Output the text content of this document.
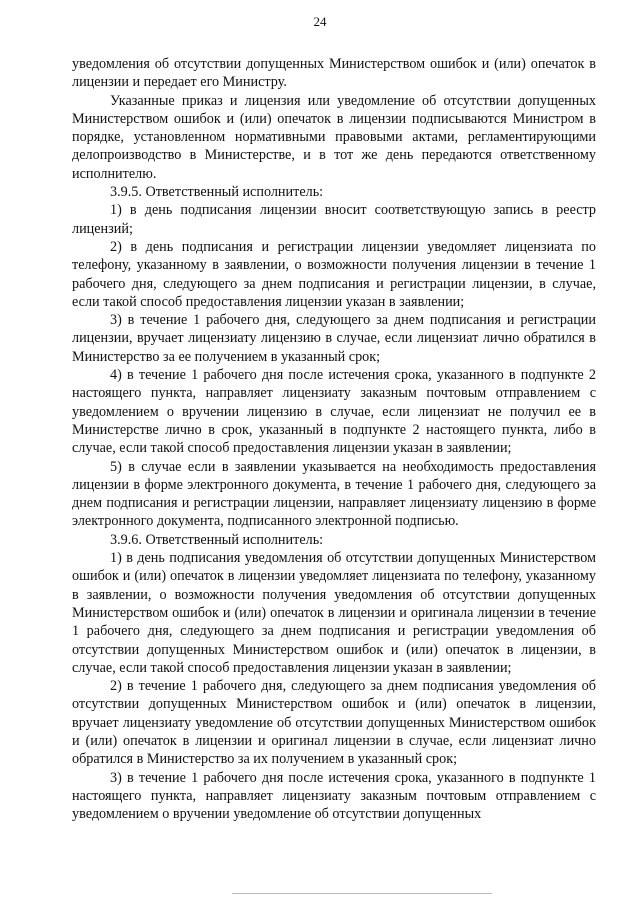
24

уведомления об отсутствии допущенных Министерством ошибок и (или) опечаток в лицензии и передает его Министру.

Указанные приказ и лицензия или уведомление об отсутствии допущенных Министерством ошибок и (или) опечаток в лицензии подписываются Министром в порядке, установленном нормативными правовыми актами, регламентирующими делопроизводство в Министерстве, и в тот же день передаются ответственному исполнителю.

3.9.5. Ответственный исполнитель:

1) в день подписания лицензии вносит соответствующую запись в реестр лицензий;

2) в день подписания и регистрации лицензии уведомляет лицензиата по телефону, указанному в заявлении, о возможности получения лицензии в течение 1 рабочего дня, следующего за днем подписания и регистрации лицензии, в случае, если такой способ предоставления лицензии указан в заявлении;

3) в течение 1 рабочего дня, следующего за днем подписания и регистрации лицензии, вручает лицензиату лицензию в случае, если лицензиат лично обратился в Министерство за ее получением в указанный срок;

4) в течение 1 рабочего дня после истечения срока, указанного в подпункте 2 настоящего пункта, направляет лицензиату заказным почтовым отправлением с уведомлением о вручении лицензию в случае, если лицензиат не получил ее в Министерстве лично в срок, указанный в подпункте 2 настоящего пункта, либо в случае, если такой способ предоставления лицензии указан в заявлении;

5) в случае если в заявлении указывается на необходимость предоставления лицензии в форме электронного документа, в течение 1 рабочего дня, следующего за днем подписания и регистрации лицензии, направляет лицензиату лицензию в форме электронного документа, подписанного электронной подписью.

3.9.6. Ответственный исполнитель:

1) в день подписания уведомления об отсутствии допущенных Министерством ошибок и (или) опечаток в лицензии уведомляет лицензиата по телефону, указанному в заявлении, о возможности получения уведомления об отсутствии допущенных Министерством ошибок и (или) опечаток в лицензии и оригинала лицензии в течение 1 рабочего дня, следующего за днем подписания и регистрации уведомления об отсутствии допущенных Министерством ошибок и (или) опечаток в лицензии, в случае, если такой способ предоставления лицензии указан в заявлении;

2) в течение 1 рабочего дня, следующего за днем подписания уведомления об отсутствии допущенных Министерством ошибок и (или) опечаток в лицензии, вручает лицензиату уведомление об отсутствии допущенных Министерством ошибок и (или) опечаток в лицензии и оригинал лицензии в случае, если лицензиат лично обратился в Министерство за их получением в указанный срок;

3) в течение 1 рабочего дня после истечения срока, указанного в подпункте 1 настоящего пункта, направляет лицензиату заказным почтовым отправлением с уведомлением о вручении уведомление об отсутствии допущенных
